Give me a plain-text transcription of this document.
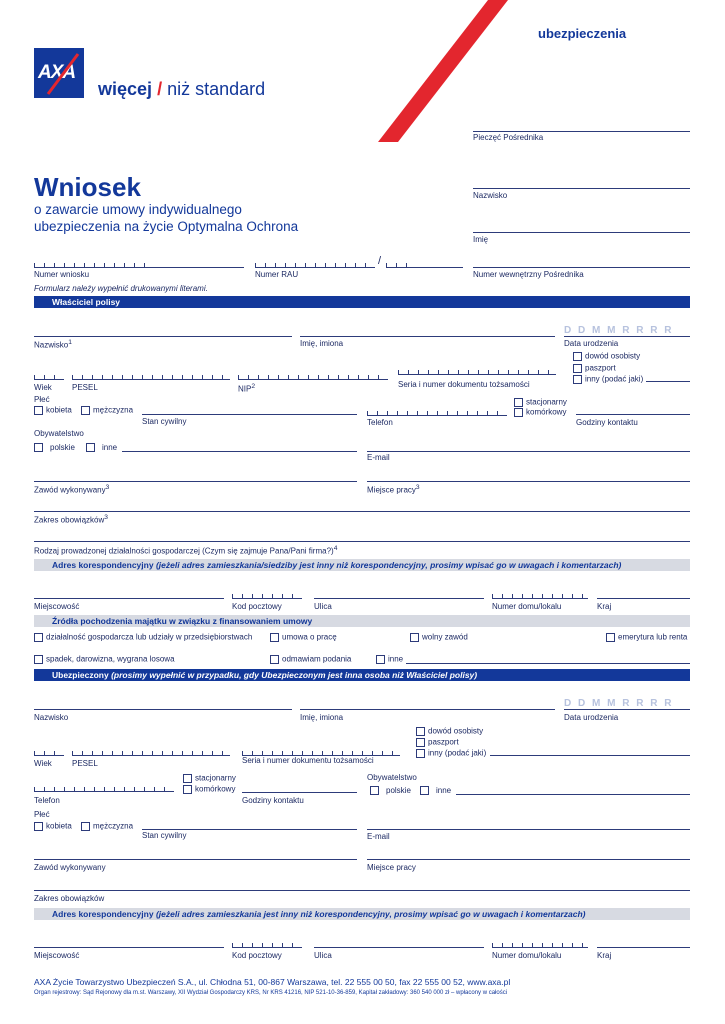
AXA
więcej / niż standard
ubezpieczenia
Pieczęć Pośrednika
Wniosek
o zawarcie umowy indywidualnego
ubezpieczenia na życie Optymalna Ochrona
Nazwisko
Imię
Numer wniosku
/
Numer RAU	Numer wewnętrzny Pośrednika
Formularz należy wypełnić drukowanymi literami.
Właściciel polisy
Nazwisko$^1$	Imię, imiona
D D M M R R R R
Data urodzenia
dowód osobisty
paszport
inny (podać jaki)
Wiek	PESEL	NIP$^2$	Seria i numer dokumentu tożsamości
Płeć
kobieta	mężczyzna
Stan cywilny
stacjonarny
komórkowy
Telefon	Godziny kontaktu
Obywatelstwo
polskie	inne
E-mail
Zawód wykonywany$^3$	Miejsce pracy$^3$
Zakres obowiązków$^3$
Rodzaj prowadzonej działalności gospodarczej (Czym się zajmuje Pana/Pani firma?)$^4$
Adres korespondencyjny (jeżeli adres zamieszkania/siedziby jest inny niż korespondencyjny, prosimy wpisać go w uwagach i komentarzach)
Miejscowość	Kod pocztowy	Ulica	Numer domu/lokalu	Kraj
Źródła pochodzenia majątku w związku z finansowaniem umowy
działalność gospodarcza lub udziały w przedsiębiorstwach	umowa o pracę	wolny zawód	emerytura lub renta
spadek, darowizna, wygrana losowa	odmawiam podania	inne
Ubezpieczony (prosimy wypełnić w przypadku, gdy Ubezpieczonym jest inna osoba niż Właściciel polisy)
Nazwisko	Imię, imiona
D D M M R R R R
Data urodzenia
dowód osobisty
paszport
inny (podać jaki)
Wiek	PESEL	Seria i numer dokumentu tożsamości
stacjonarny
komórkowy
Obywatelstwo
polskie	inne
Telefon	Godziny kontaktu
Płeć
kobieta	mężczyzna
Stan cywilny	E-mail
Zawód wykonywany	Miejsce pracy
Zakres obowiązków
Adres korespondencyjny (jeżeli adres zamieszkania jest inny niż korespondencyjny, prosimy wpisać go w uwagach i komentarzach)
Miejscowość	Kod pocztowy	Ulica	Numer domu/lokalu	Kraj
AXA Życie Towarzystwo Ubezpieczeń S.A., ul. Chłodna 51, 00-867 Warszawa, tel. 22 555 00 50, fax 22 555 00 52, www.axa.pl
Organ rejestrowy: Sąd Rejonowy dla m.st. Warszawy, XII Wydział Gospodarczy KRS, Nr KRS 41216, NIP 521-10-36-859, Kapitał zakładowy: 360 540 000 zł – wpłacony w całości
